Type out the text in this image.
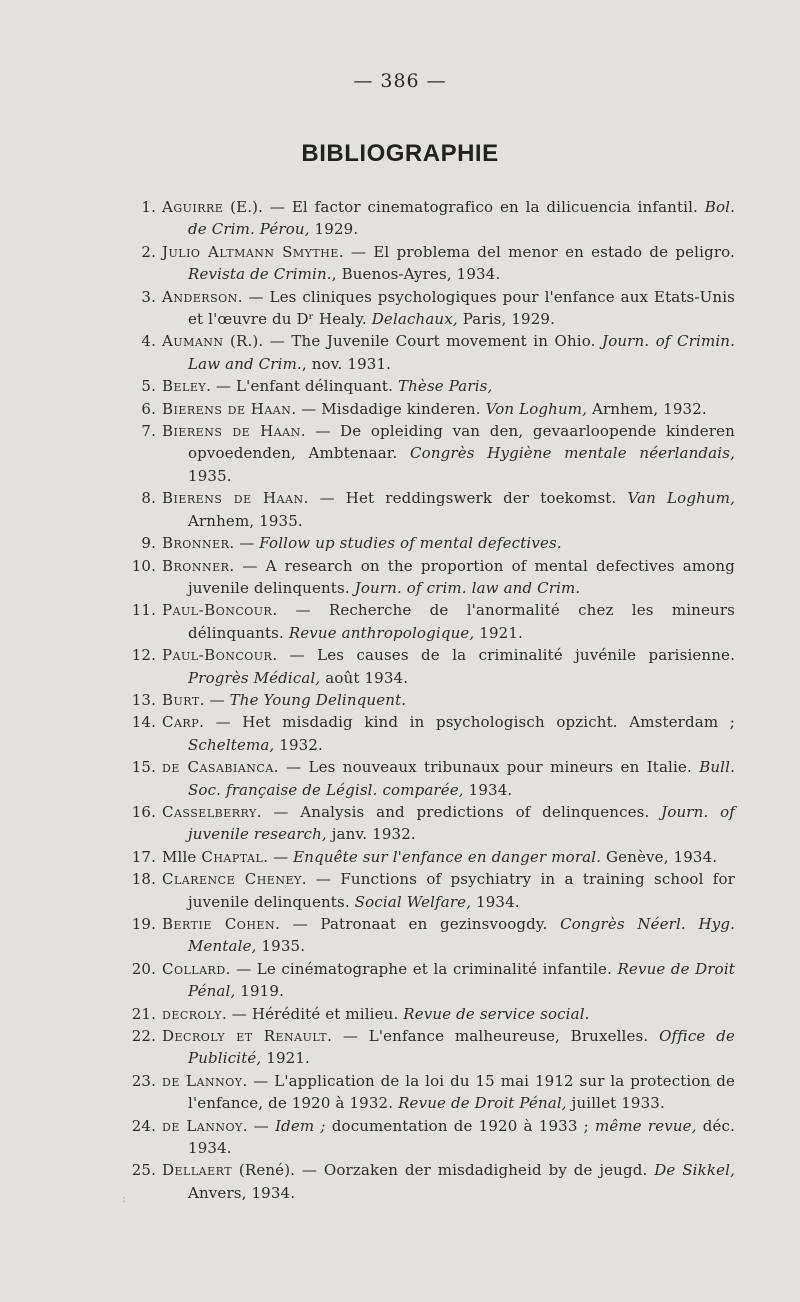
— 386 —
BIBLIOGRAPHIE
1. Aguirre (E.). — El factor cinematografico en la dilicuencia infantil. Bol. de Crim. Pérou, 1929.
2. Julio Altmann Smythe. — El problema del menor en estado de peligro. Revista de Crimin., Buenos-Ayres, 1934.
3. Anderson. — Les cliniques psychologiques pour l'enfance aux Etats-Unis et l'œuvre du Dʳ Healy. Delachaux, Paris, 1929.
4. Aumann (R.). — The Juvenile Court movement in Ohio. Journ. of Crimin. Law and Crim., nov. 1931.
5. Beley. — L'enfant délinquant. Thèse Paris,
6. Bierens de Haan. — Misdadige kinderen. Von Loghum, Arnhem, 1932.
7. Bierens de Haan. — De opleiding van den, gevaarloopende kinderen opvoedenden, Ambtenaar. Congrès Hygiène mentale néerlandais, 1935.
8. Bierens de Haan. — Het reddingswerk der toekomst. Van Loghum, Arnhem, 1935.
9. Bronner. — Follow up studies of mental defectives.
10. Bronner. — A research on the proportion of mental defectives among juvenile delinquents. Journ. of crim. law and Crim.
11. Paul-Boncour. — Recherche de l'anormalité chez les mineurs délinquants. Revue anthropologique, 1921.
12. Paul-Boncour. — Les causes de la criminalité juvénile parisienne. Progrès Médical, août 1934.
13. Burt. — The Young Delinquent.
14. Carp. — Het misdadig kind in psychologisch opzicht. Amsterdam ; Scheltema, 1932.
15. de Casabianca. — Les nouveaux tribunaux pour mineurs en Italie. Bull. Soc. française de Législ. comparée, 1934.
16. Casselberry. — Analysis and predictions of delinquences. Journ. of juvenile research, janv. 1932.
17. Mlle Chaptal. — Enquête sur l'enfance en danger moral. Genève, 1934.
18. Clarence Cheney. — Functions of psychiatry in a training school for juvenile delinquents. Social Welfare, 1934.
19. Bertie Cohen. — Patronaat en gezinsvoogdy. Congrès Néerl. Hyg. Mentale, 1935.
20. Collard. — Le cinématographe et la criminalité infantile. Revue de Droit Pénal, 1919.
21. decroly. — Hérédité et milieu. Revue de service social.
22. Decroly et Renault. — L'enfance malheureuse, Bruxelles. Office de Publicité, 1921.
23. de Lannoy. — L'application de la loi du 15 mai 1912 sur la protection de l'enfance, de 1920 à 1932. Revue de Droit Pénal, juillet 1933.
24. de Lannoy. — Idem ; documentation de 1920 à 1933 ; même revue, déc. 1934.
25. Dellaert (René). — Oorzaken der misdadigheid by de jeugd. De Sikkel, Anvers, 1934.
:
